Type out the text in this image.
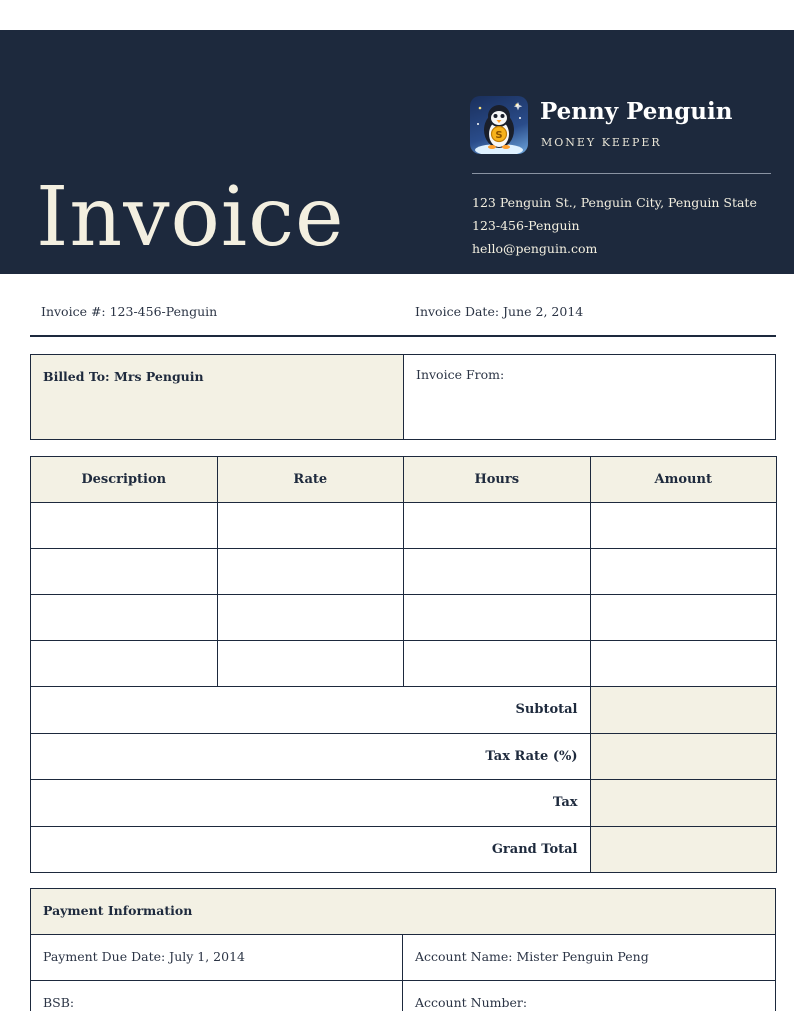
Invoice
S
Penny Penguin
MONEY KEEPER
123 Penguin St., Penguin City, Penguin State
123-456-Penguin
hello@penguin.com
Invoice #: 123-456-Penguin	Invoice Date: June 2, 2014
Billed To: Mrs Penguin	Invoice From:
Description	Rate	Hours	Amount

Subtotal			
Tax Rate (%)			
Tax			
Grand Total			
Payment Information
Payment Due Date: July 1, 2014	Account Name: Mister Penguin Peng
BSB:	Account Number:
